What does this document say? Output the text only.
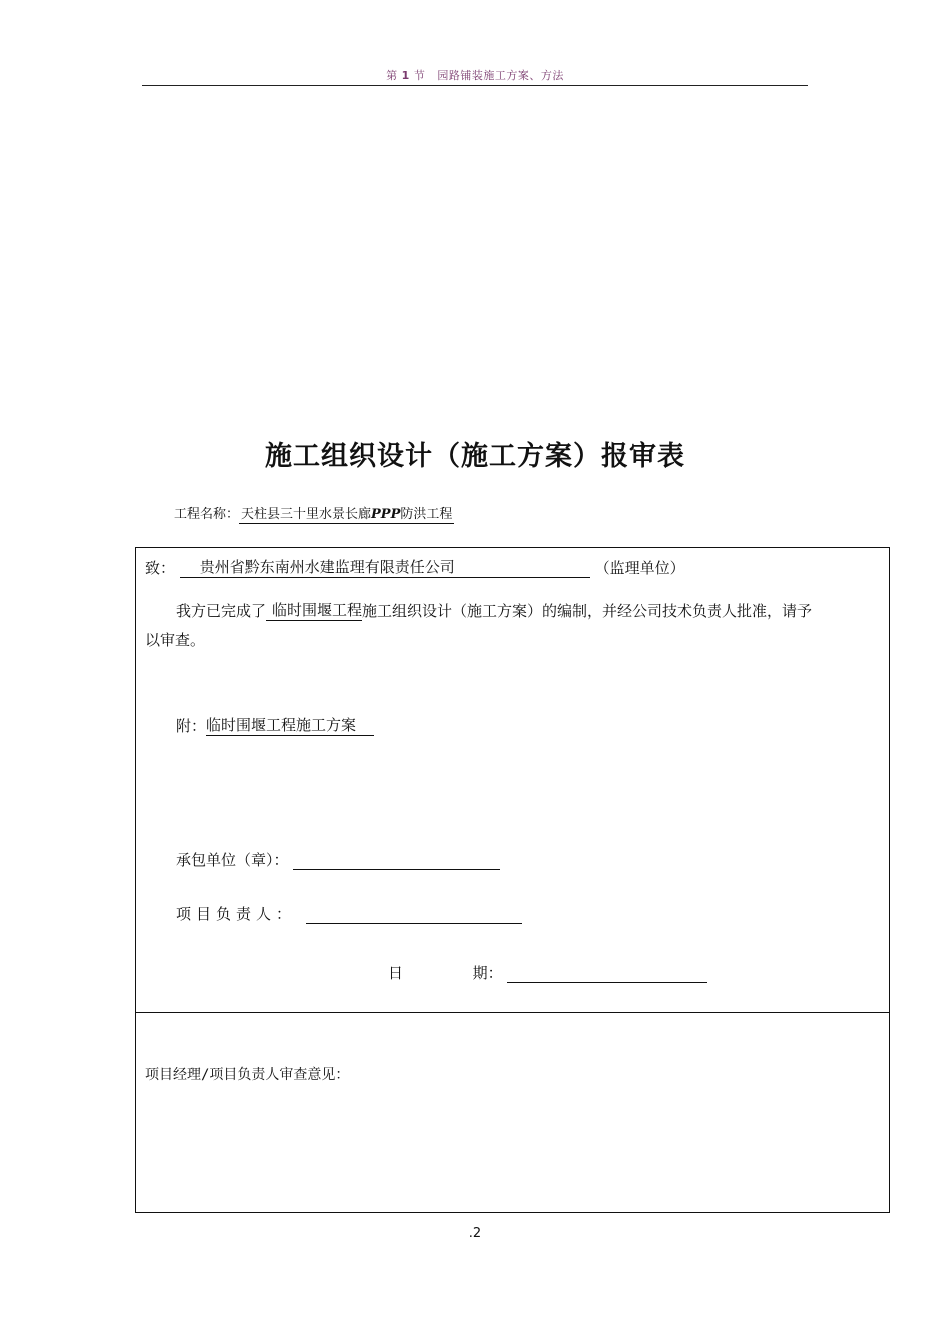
第 1 节 园路铺装施工方案、方法
施工组织设计（施工方案）报审表
工程名称： 天柱县三十里水景长廊PPP防洪工程
致： 贵州省黔东南州水建监理有限责任公司	（监理单位）
我方已完成了 临时围堰工程施工组织设计（施工方案）的编制，并经公司技术负责人批准，请予
以审查。
附：临时围堰工程施工方案
承包单位（章）：
项目负责人：
日	期：
项目经理/项目负责人审查意见：
.2
